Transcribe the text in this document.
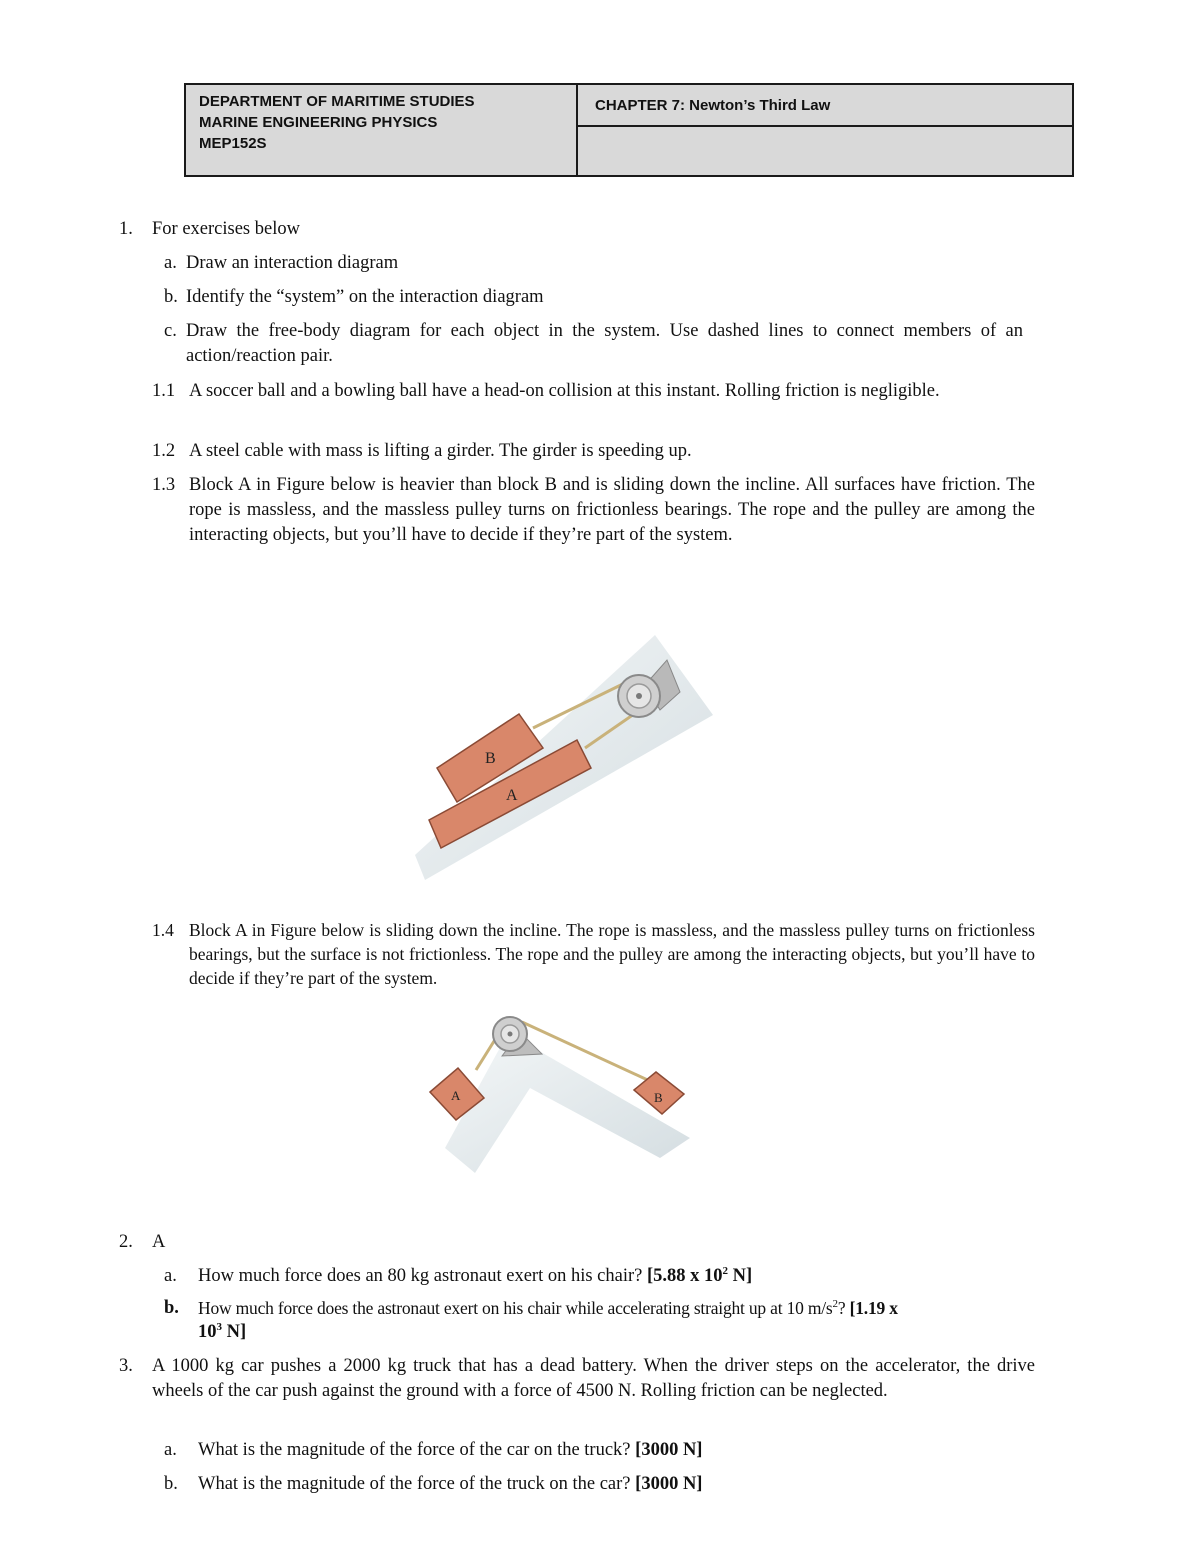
DEPARTMENT OF MARITIME STUDIES
MARINE ENGINEERING PHYSICS
MEP152S
CHAPTER 7: Newton’s Third Law
1. For exercises below
a. Draw an interaction diagram
b. Identify the “system” on the interaction diagram
c. Draw the free-body diagram for each object in the system. Use dashed lines to connect members of an action/reaction pair.
1.1 A soccer ball and a bowling ball have a head-on collision at this instant. Rolling friction is negligible.
1.2 A steel cable with mass is lifting a girder. The girder is speeding up.
1.3 Block A in Figure below is heavier than block B and is sliding down the incline. All surfaces have friction. The rope is massless, and the massless pulley turns on frictionless bearings. The rope and the pulley are among the interacting objects, but you’ll have to decide if they’re part of the system.
B
A
1.4 Block A in Figure below is sliding down the incline. The rope is massless, and the massless pulley turns on frictionless bearings, but the surface is not frictionless. The rope and the pulley are among the interacting objects, but you’ll have to decide if they’re part of the system.
A	B
2. A
a. How much force does an 80 kg astronaut exert on his chair? [5.88 x $10^2$ N]
b. How much force does the astronaut exert on his chair while accelerating straight up at 10 $m/s^2$? [1.19 x
$10^3$ N]
3. A 1000 kg car pushes a 2000 kg truck that has a dead battery. When the driver steps on the accelerator, the drive wheels of the car push against the ground with a force of 4500 N. Rolling friction can be neglected.
a. What is the magnitude of the force of the car on the truck? [3000 N]
b. What is the magnitude of the force of the truck on the car? [3000 N]
